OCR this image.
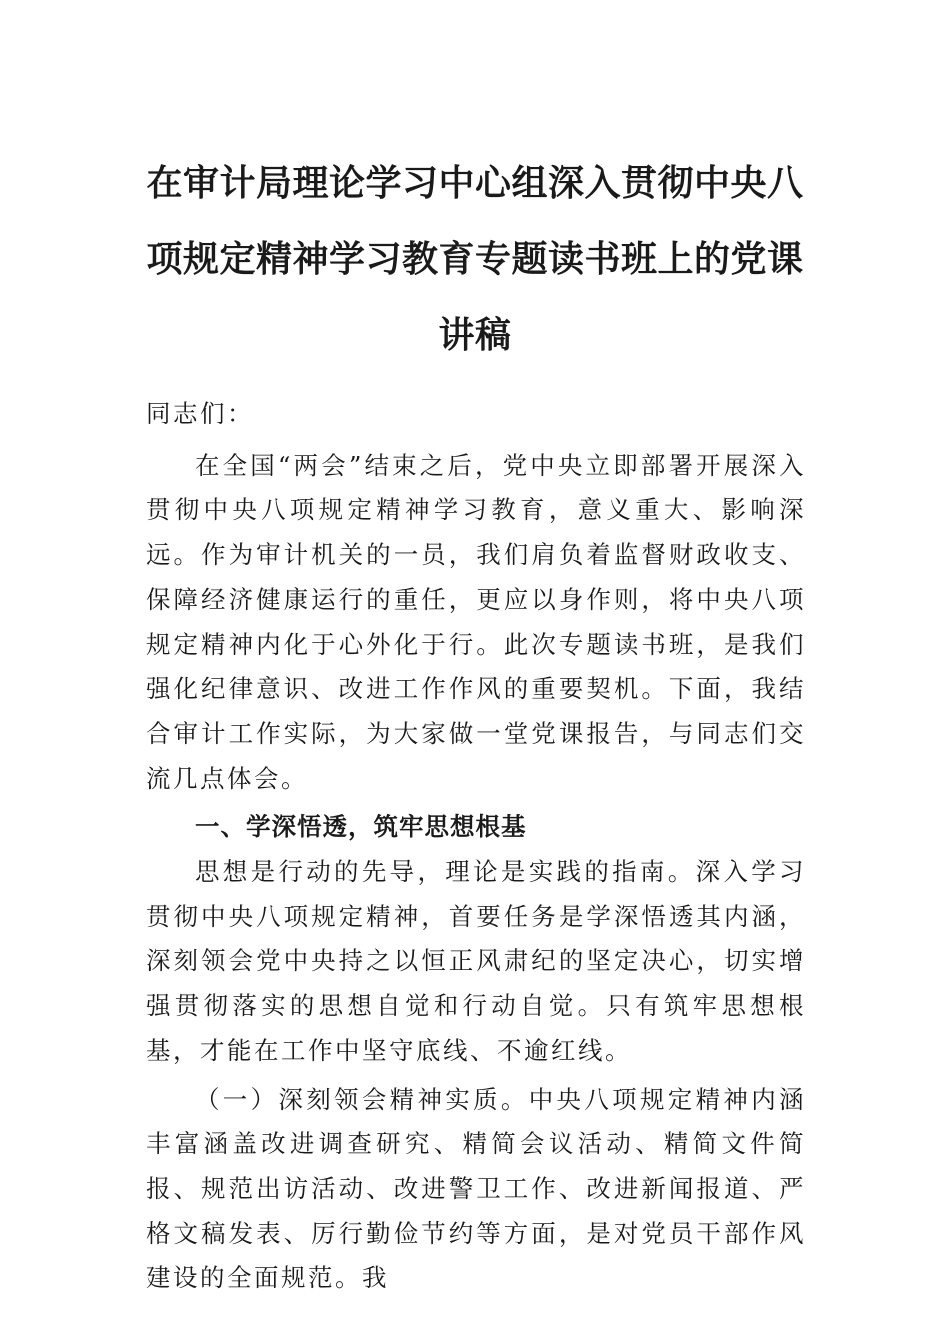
在审计局理论学习中心组深入贯彻中央八项规定精神学习教育专题读书班上的党课讲稿

同志们：

在全国“两会”结束之后，党中央立即部署开展深入贯彻中央八项规定精神学习教育，意义重大、影响深远。作为审计机关的一员，我们肩负着监督财政收支、保障经济健康运行的重任，更应以身作则，将中央八项规定精神内化于心外化于行。此次专题读书班，是我们强化纪律意识、改进工作作风的重要契机。下面，我结合审计工作实际，为大家做一堂党课报告，与同志们交流几点体会。

一、学深悟透，筑牢思想根基

思想是行动的先导，理论是实践的指南。深入学习贯彻中央八项规定精神，首要任务是学深悟透其内涵，深刻领会党中央持之以恒正风肃纪的坚定决心，切实增强贯彻落实的思想自觉和行动自觉。只有筑牢思想根基，才能在工作中坚守底线、不逾红线。

（一）深刻领会精神实质。中央八项规定精神内涵丰富涵盖改进调查研究、精简会议活动、精简文件简报、规范出访活动、改进警卫工作、改进新闻报道、严格文稿发表、厉行勤俭节约等方面，是对党员干部作风建设的全面规范。我
